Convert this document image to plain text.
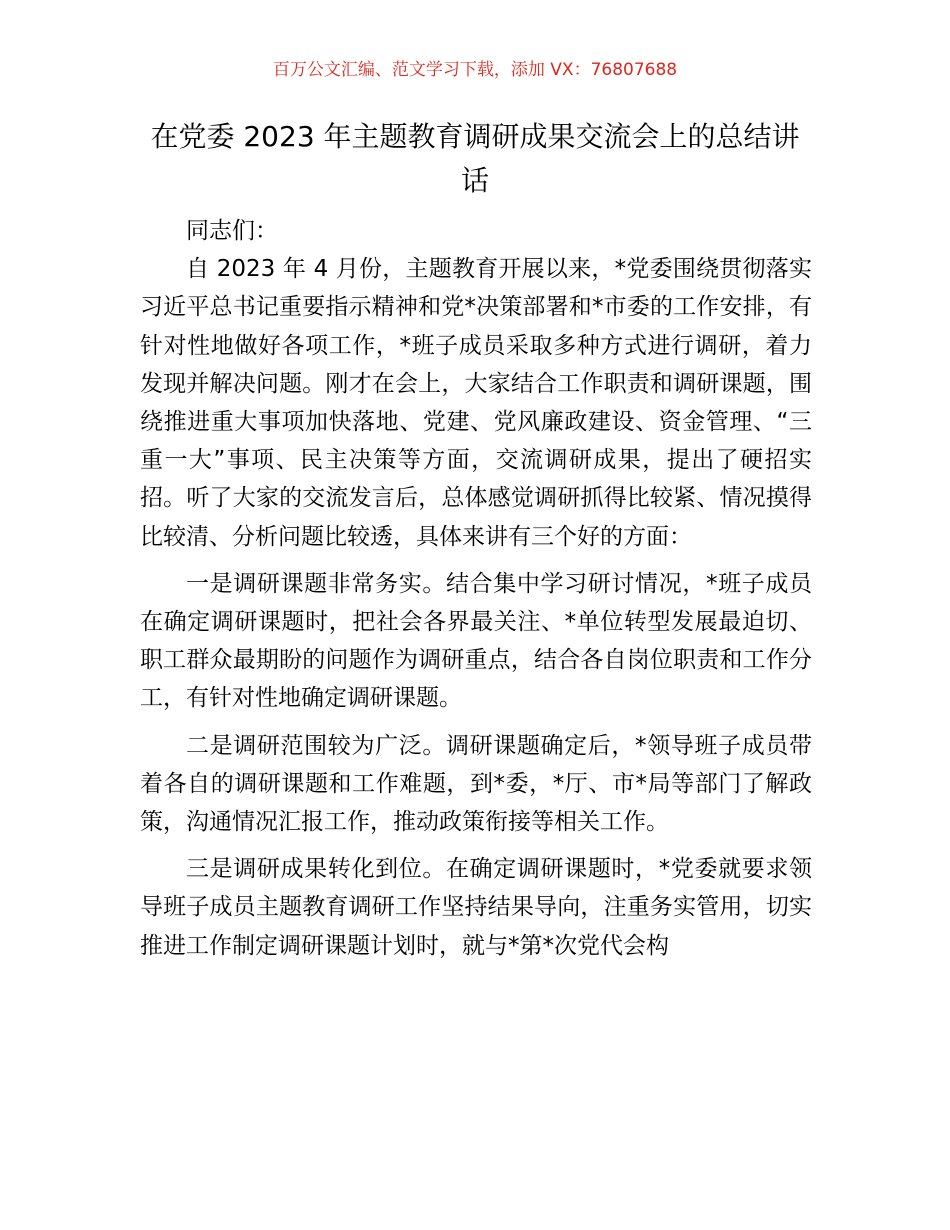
百万公文汇编、范文学习下载，添加 VX：76807688
在党委 2023 年主题教育调研成果交流会上的总结讲话

同志们：

自 2023 年 4 月份，主题教育开展以来，*党委围绕贯彻落实习近平总书记重要指示精神和党*决策部署和*市委的工作安排，有针对性地做好各项工作，*班子成员采取多种方式进行调研，着力发现并解决问题。刚才在会上，大家结合工作职责和调研课题，围绕推进重大事项加快落地、党建、党风廉政建设、资金管理、“三重一大”事项、民主决策等方面，交流调研成果，提出了硬招实招。听了大家的交流发言后，总体感觉调研抓得比较紧、情况摸得比较清、分析问题比较透，具体来讲有三个好的方面：

一是调研课题非常务实。结合集中学习研讨情况，*班子成员在确定调研课题时，把社会各界最关注、*单位转型发展最迫切、职工群众最期盼的问题作为调研重点，结合各自岗位职责和工作分工，有针对性地确定调研课题。

二是调研范围较为广泛。调研课题确定后，*领导班子成员带着各自的调研课题和工作难题，到*委，*厅、市*局等部门了解政策，沟通情况汇报工作，推动政策衔接等相关工作。

三是调研成果转化到位。在确定调研课题时，*党委就要求领导班子成员主题教育调研工作坚持结果导向，注重务实管用，切实推进工作制定调研课题计划时，就与*第*次党代会构
